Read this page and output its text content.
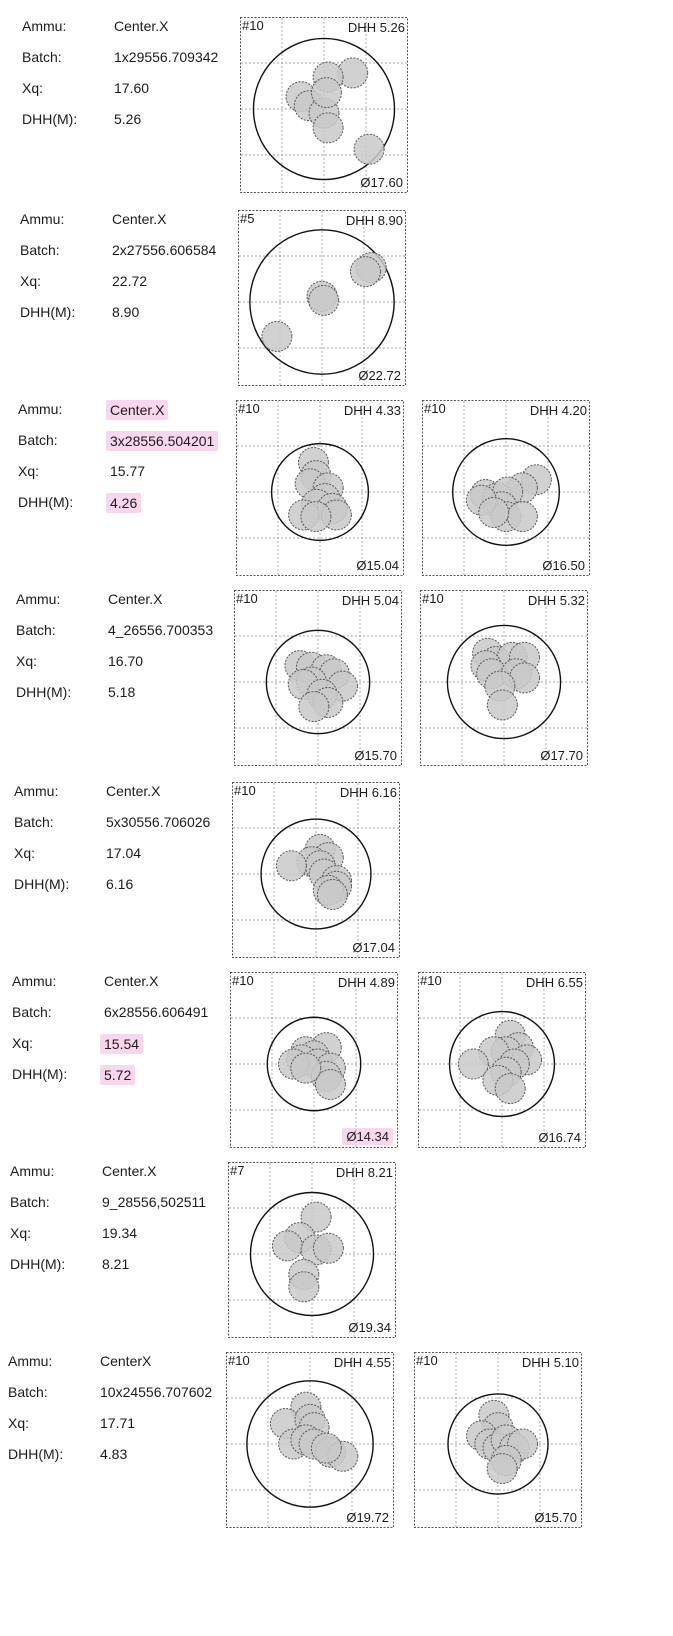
Ammu:	Center.X
Batch:	1x29556.709342
Xq:	17.60
DHH(M):	5.26
#10	DHH 5.26
Ø17.60
Ammu:	Center.X
Batch:	2x27556.606584
Xq:	22.72
DHH(M):	8.90
#5	DHH 8.90
Ø22.72
Ammu:	Center.X
Batch:	3x28556.504201
Xq:	15.77
DHH(M):	4.26
#10	DHH 4.33
Ø15.04
#10	DHH 4.20
Ø16.50
Ammu:	Center.X
Batch:	4_26556.700353
Xq:	16.70
DHH(M):	5.18
#10	DHH 5.04
Ø15.70
#10	DHH 5.32
Ø17.70
Ammu:	Center.X
Batch:	5x30556.706026
Xq:	17.04
DHH(M):	6.16
#10	DHH 6.16
Ø17.04
Ammu:	Center.X
Batch:	6x28556.606491
Xq:	15.54
DHH(M):	5.72
#10	DHH 4.89
Ø14.34
#10	DHH 6.55
Ø16.74
Ammu:	Center.X
Batch:	9_28556,502511
Xq:	19.34
DHH(M):	8.21
#7	DHH 8.21
Ø19.34
Ammu:	CenterX
Batch:	10x24556.707602
Xq:	17.71
DHH(M):	4.83
#10	DHH 4.55
Ø19.72
#10	DHH 5.10
Ø15.70
